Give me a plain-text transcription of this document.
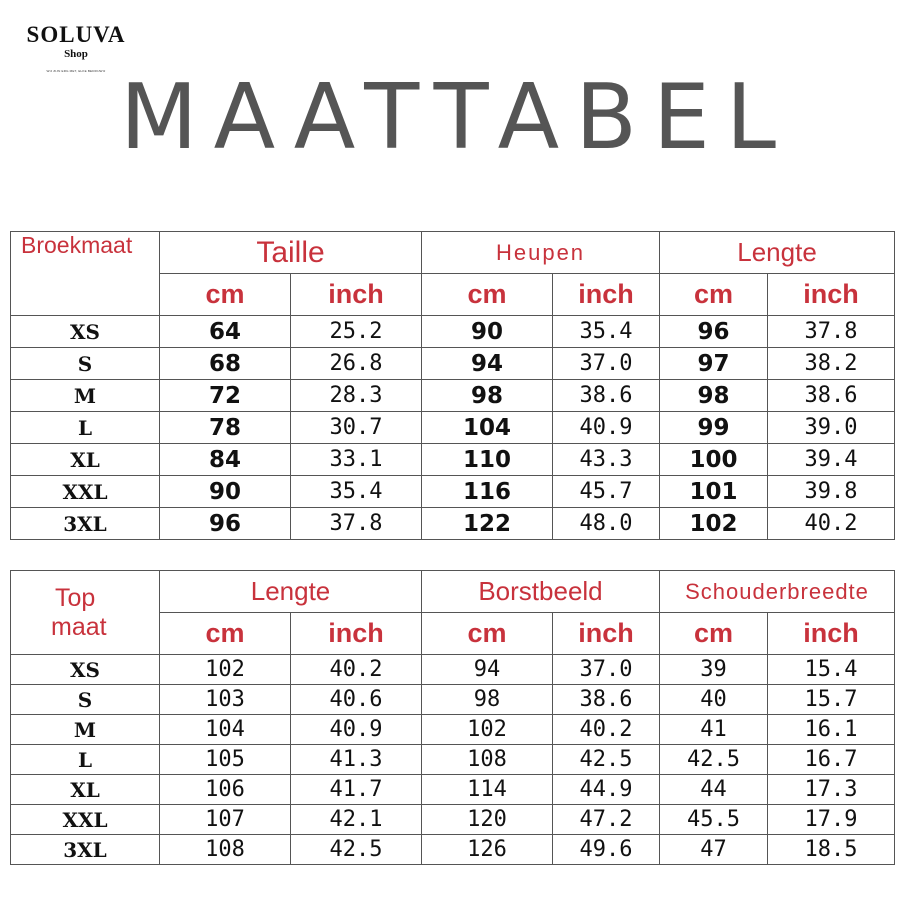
SOLUVA
Shop
WIJ ZIJN ERG MET, ELKE BEDRIJWIJ MAATTABEL
Broekmaat	Taille		Heupen		Lengte	
	cm	inch	cm	inch	cm	inch
XS	64	25.2	90	35.4	96	37.8
S	68	26.8	94	37.0	97	38.2
M	72	28.3	98	38.6	98	38.6
L	78	30.7	104	40.9	99	39.0
XL	84	33.1	110	43.3	100	39.4
XXL	90	35.4	116	45.7	101	39.8
3XL	96	37.8	122	48.0	102	40.2
Top	Lengte		Borstbeeld		Schouderbreedte	
maat	cm	inch	cm	inch	cm	inch
XS	102	40.2	94	37.0	39	15.4
S	103	40.6	98	38.6	40	15.7
M	104	40.9	102	40.2	41	16.1
L	105	41.3	108	42.5	42.5	16.7
XL	106	41.7	114	44.9	44	17.3
XXL	107	42.1	120	47.2	45.5	17.9
3XL	108	42.5	126	49.6	47	18.5
